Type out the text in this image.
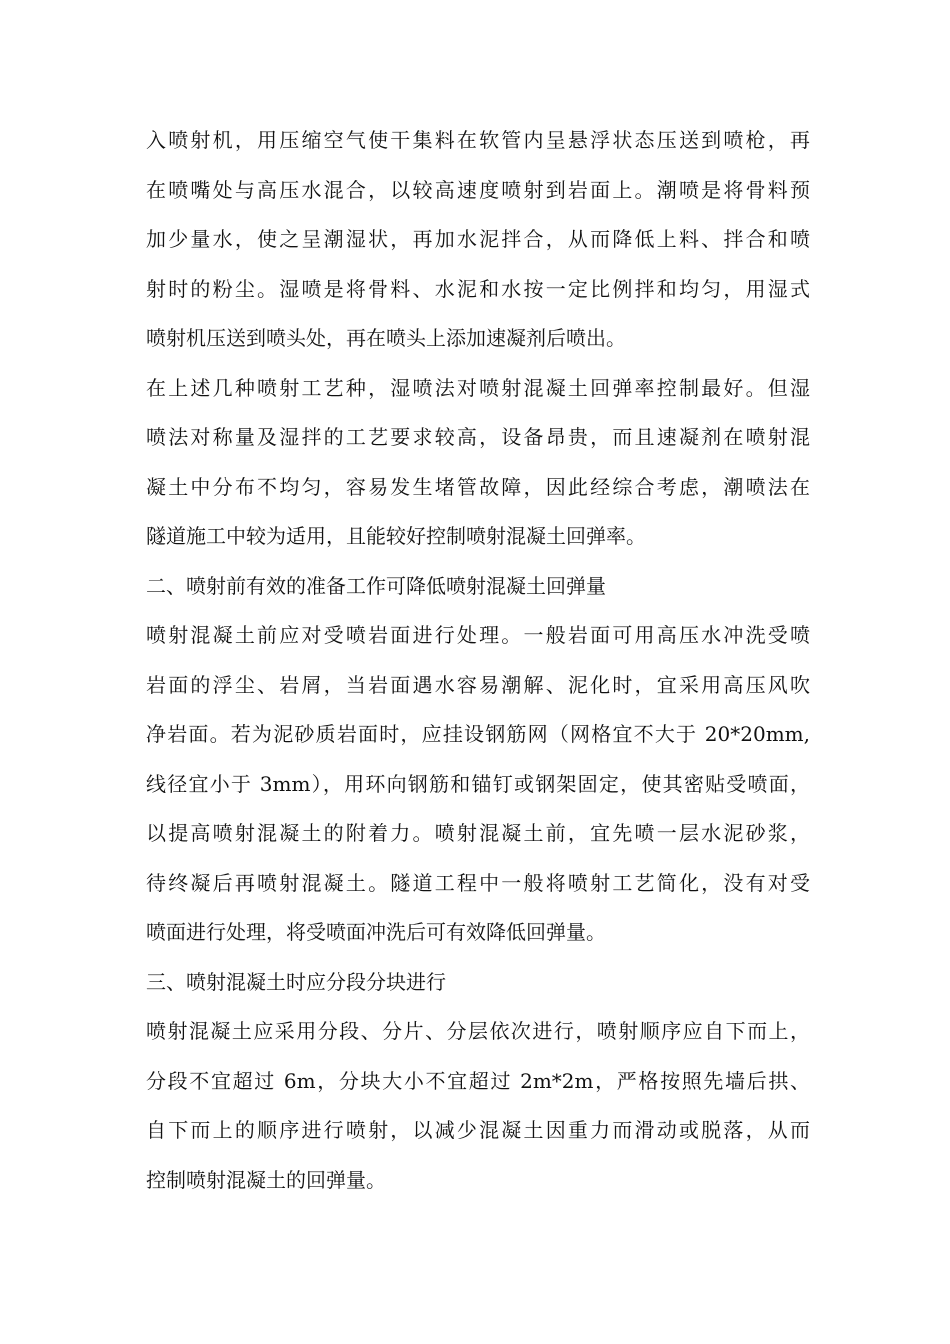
入喷射机，用压缩空气使干集料在软管内呈悬浮状态压送到喷枪，再
在喷嘴处与高压水混合，以较高速度喷射到岩面上。潮喷是将骨料预
加少量水，使之呈潮湿状，再加水泥拌合，从而降低上料、拌合和喷
射时的粉尘。湿喷是将骨料、水泥和水按一定比例拌和均匀，用湿式
喷射机压送到喷头处，再在喷头上添加速凝剂后喷出。

在上述几种喷射工艺种，湿喷法对喷射混凝土回弹率控制最好。但湿
喷法对称量及湿拌的工艺要求较高，设备昂贵，而且速凝剂在喷射混
凝土中分布不均匀，容易发生堵管故障，因此经综合考虑，潮喷法在
隧道施工中较为适用，且能较好控制喷射混凝土回弹率。

二、喷射前有效的准备工作可降低喷射混凝土回弹量

喷射混凝土前应对受喷岩面进行处理。一般岩面可用高压水冲洗受喷
岩面的浮尘、岩屑，当岩面遇水容易潮解、泥化时，宜采用高压风吹
净岩面。若为泥砂质岩面时，应挂设钢筋网（网格宜不大于 20*20mm,
线径宜小于 3mm），用环向钢筋和锚钉或钢架固定，使其密贴受喷面，
以提高喷射混凝土的附着力。喷射混凝土前，宜先喷一层水泥砂浆，
待终凝后再喷射混凝土。隧道工程中一般将喷射工艺简化，没有对受
喷面进行处理，将受喷面冲洗后可有效降低回弹量。

三、喷射混凝土时应分段分块进行

喷射混凝土应采用分段、分片、分层依次进行，喷射顺序应自下而上，
分段不宜超过 6m，分块大小不宜超过 2m*2m，严格按照先墙后拱、
自下而上的顺序进行喷射，以减少混凝土因重力而滑动或脱落，从而
控制喷射混凝土的回弹量。
